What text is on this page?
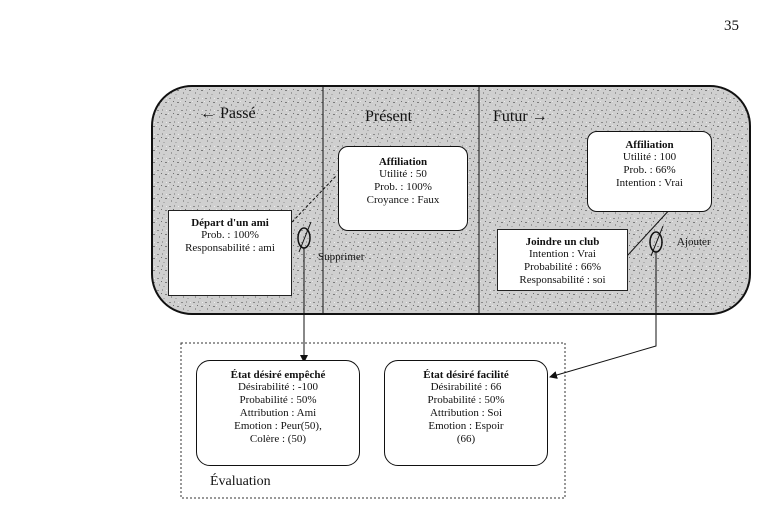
35
← Passé	Présent	Futur →
Départ d'un ami
Prob. : 100%
Responsabilité : ami
Affiliation
Utilité : 50
Prob. : 100%
Croyance : Faux
Affiliation
Utilité : 100
Prob. : 66%
Intention : Vrai
Joindre un club
Intention : Vrai
Probabilité : 66%
Responsabilité : soi
Supprimer
Ajouter
État désiré empêché
Désirabilité : -100
Probabilité : 50%
Attribution : Ami
Emotion : Peur(50),
Colère : (50)
État désiré facilité
Désirabilité : 66
Probabilité : 50%
Attribution : Soi
Emotion : Espoir
(66)
Évaluation
